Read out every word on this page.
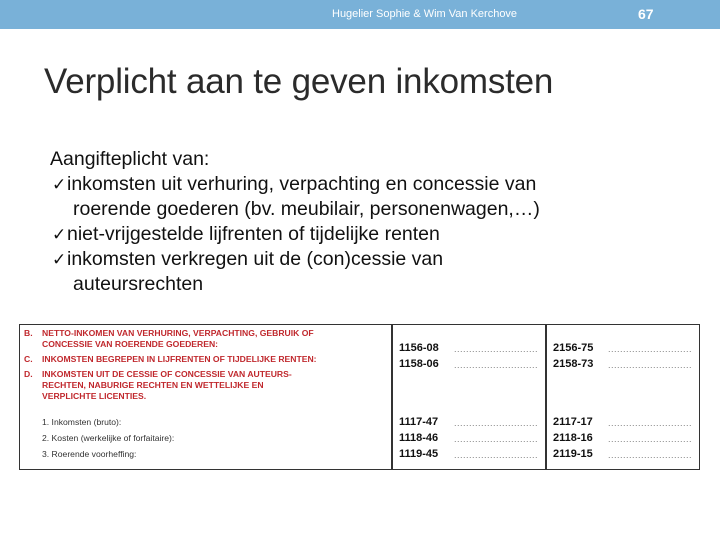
Hugelier Sophie & Wim Van Kerchove	67
Verplicht aan te geven inkomsten
Aangifteplicht van:
✓inkomsten uit verhuring, verpachting en concessie van
roerende goederen (bv. meubilair, personenwagen,…)
✓niet-vrijgestelde lijfrenten of tijdelijke renten
✓inkomsten verkregen uit de (con)cessie van
auteursrechten
B. NETTO-INKOMEN VAN VERHURING, VERPACHTING, GEBRUIK OF
CONCESSIE VAN ROERENDE GOEDEREN:
C. INKOMSTEN BEGREPEN IN LIJFRENTEN OF TIJDELIJKE RENTEN:
D. INKOMSTEN UIT DE CESSIE OF CONCESSIE VAN AUTEURS-
RECHTEN, NABURIGE RECHTEN EN WETTELIJKE EN
VERPLICHTE LICENTIES.
1. Inkomsten (bruto):
2. Kosten (werkelijke of forfaitaire):
3. Roerende voorheffing:
1156-08 ............................
1158-06 ............................
1117-47 ............................
1118-46 ............................
1119-45 ............................
2156-75 ............................
2158-73 ............................
2117-17 ............................
2118-16 ............................
2119-15 ............................
